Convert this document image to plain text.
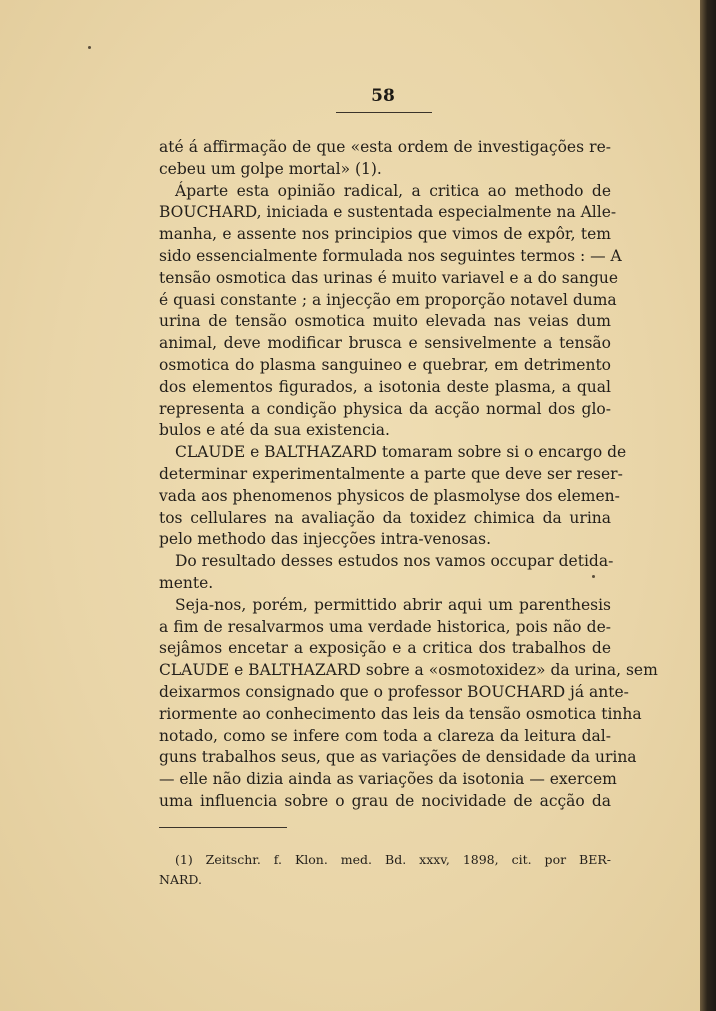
58
até á affirmação de que «esta ordem de investigações re-
cebeu um golpe mortal» (1).
Áparte esta opinião radical, a critica ao methodo de
BOUCHARD, iniciada e sustentada especialmente na Alle-
manha, e assente nos principios que vimos de expôr, tem
sido essencialmente formulada nos seguintes termos : — A
tensão osmotica das urinas é muito variavel e a do sangue
é quasi constante ; a injecção em proporção notavel duma
urina de tensão osmotica muito elevada nas veias dum
animal, deve modificar brusca e sensivelmente a tensão
osmotica do plasma sanguineo e quebrar, em detrimento
dos elementos figurados, a isotonia deste plasma, a qual
representa a condição physica da acção normal dos glo-
bulos e até da sua existencia.
CLAUDE e BALTHAZARD tomaram sobre si o encargo de
determinar experimentalmente a parte que deve ser reser-
vada aos phenomenos physicos de plasmolyse dos elemen-
tos cellulares na avaliação da toxidez chimica da urina
pelo methodo das injecções intra-venosas.
Do resultado desses estudos nos vamos occupar detida-
mente.
Seja-nos, porém, permittido abrir aqui um parenthesis
a fim de resalvarmos uma verdade historica, pois não de-
sejâmos encetar a exposição e a critica dos trabalhos de
CLAUDE e BALTHAZARD sobre a «osmotoxidez» da urina, sem
deixarmos consignado que o professor BOUCHARD já ante-
riormente ao conhecimento das leis da tensão osmotica tinha
notado, como se infere com toda a clareza da leitura dal-
guns trabalhos seus, que as variações de densidade da urina
— elle não dizia ainda as variações da isotonia — exercem
uma influencia sobre o grau de nocividade de acção da
(1) Zeitschr. f. Klon. med. Bd. xxxv, 1898, cit. por BER-
NARD.
